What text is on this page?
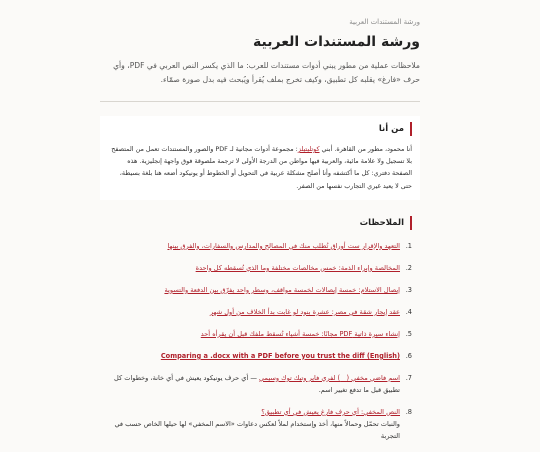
ورشة المستندات العربية
ورشة المستندات العربية
ملاحظات عملية من مطور يبني أدوات مستندات للعرب: ما الذي يكسر النص العربي في PDF، وأي حرف «فارغ» يقلبه كل تطبيق، وكيف تخرج بملف يُقرأ ويُبحث فيه بدل صورة صمّاء.
من أنا
أنا محمود، مطور من القاهرة. أبني كوتليتيلز: مجموعة أدوات مجانية لـ PDF والصور والمستندات تعمل من المتصفح بلا تسجيل ولا علامة مائية، والعربية فيها مواطن من الدرجة الأولى لا ترجمة ملصوقة فوق واجهة إنجليزية. هذه الصفحة دفتري: كل ما أكتشفه وأنا أصلح مشكلة عربية في التحويل أو الخطوط أو يونيكود أضعه هنا بلغة بسيطة، حتى لا يعيد غيري التجارب نفسها من الصفر.
الملاحظات
1.
التعهد والإقرار ست أوراق تُطلب منك في المصالح والمدارس والسفارات، والفرق بينها
2.
المخالصة وإبراء الذمة: خمس مخالصات مختلفة وما الذي تُسقطه كل واحدة
3.
إيصال الاستلام: خمسة إيصالات لخمسة مواقف، وسطر واحد يفرّق بين الدفعة والتسوية
4.
عقد إيجار شقة في مصر: عشرة بنود لو غابت بدأ الخلاف من أول شهر
5.
إنشاء سيرة ذاتية PDF مجانًا: خمسة أشياء تُسقط ملفك قبل أن يقرأه أحد
6.
Comparing a .docx with a PDF before you trust the diff (English)
7.
اسم فاضي مخفي (ㅤ) لفري فاير وتيك توك وسيمي — أي حرف يونيكود يعيش في أي خانة، وخطوات كل تطبيق قبل ما تدفع تغيير اسم.
8.
النص المخفي: أي حرف فارغ يعيش في أي تطبيق؟
والنبات تحمّل وحمالاً منها، أخذ وإستخدام لملاً لعكس دعاوات «الاسم المخفي» لها حيلها الخاص حسب في التجربة
